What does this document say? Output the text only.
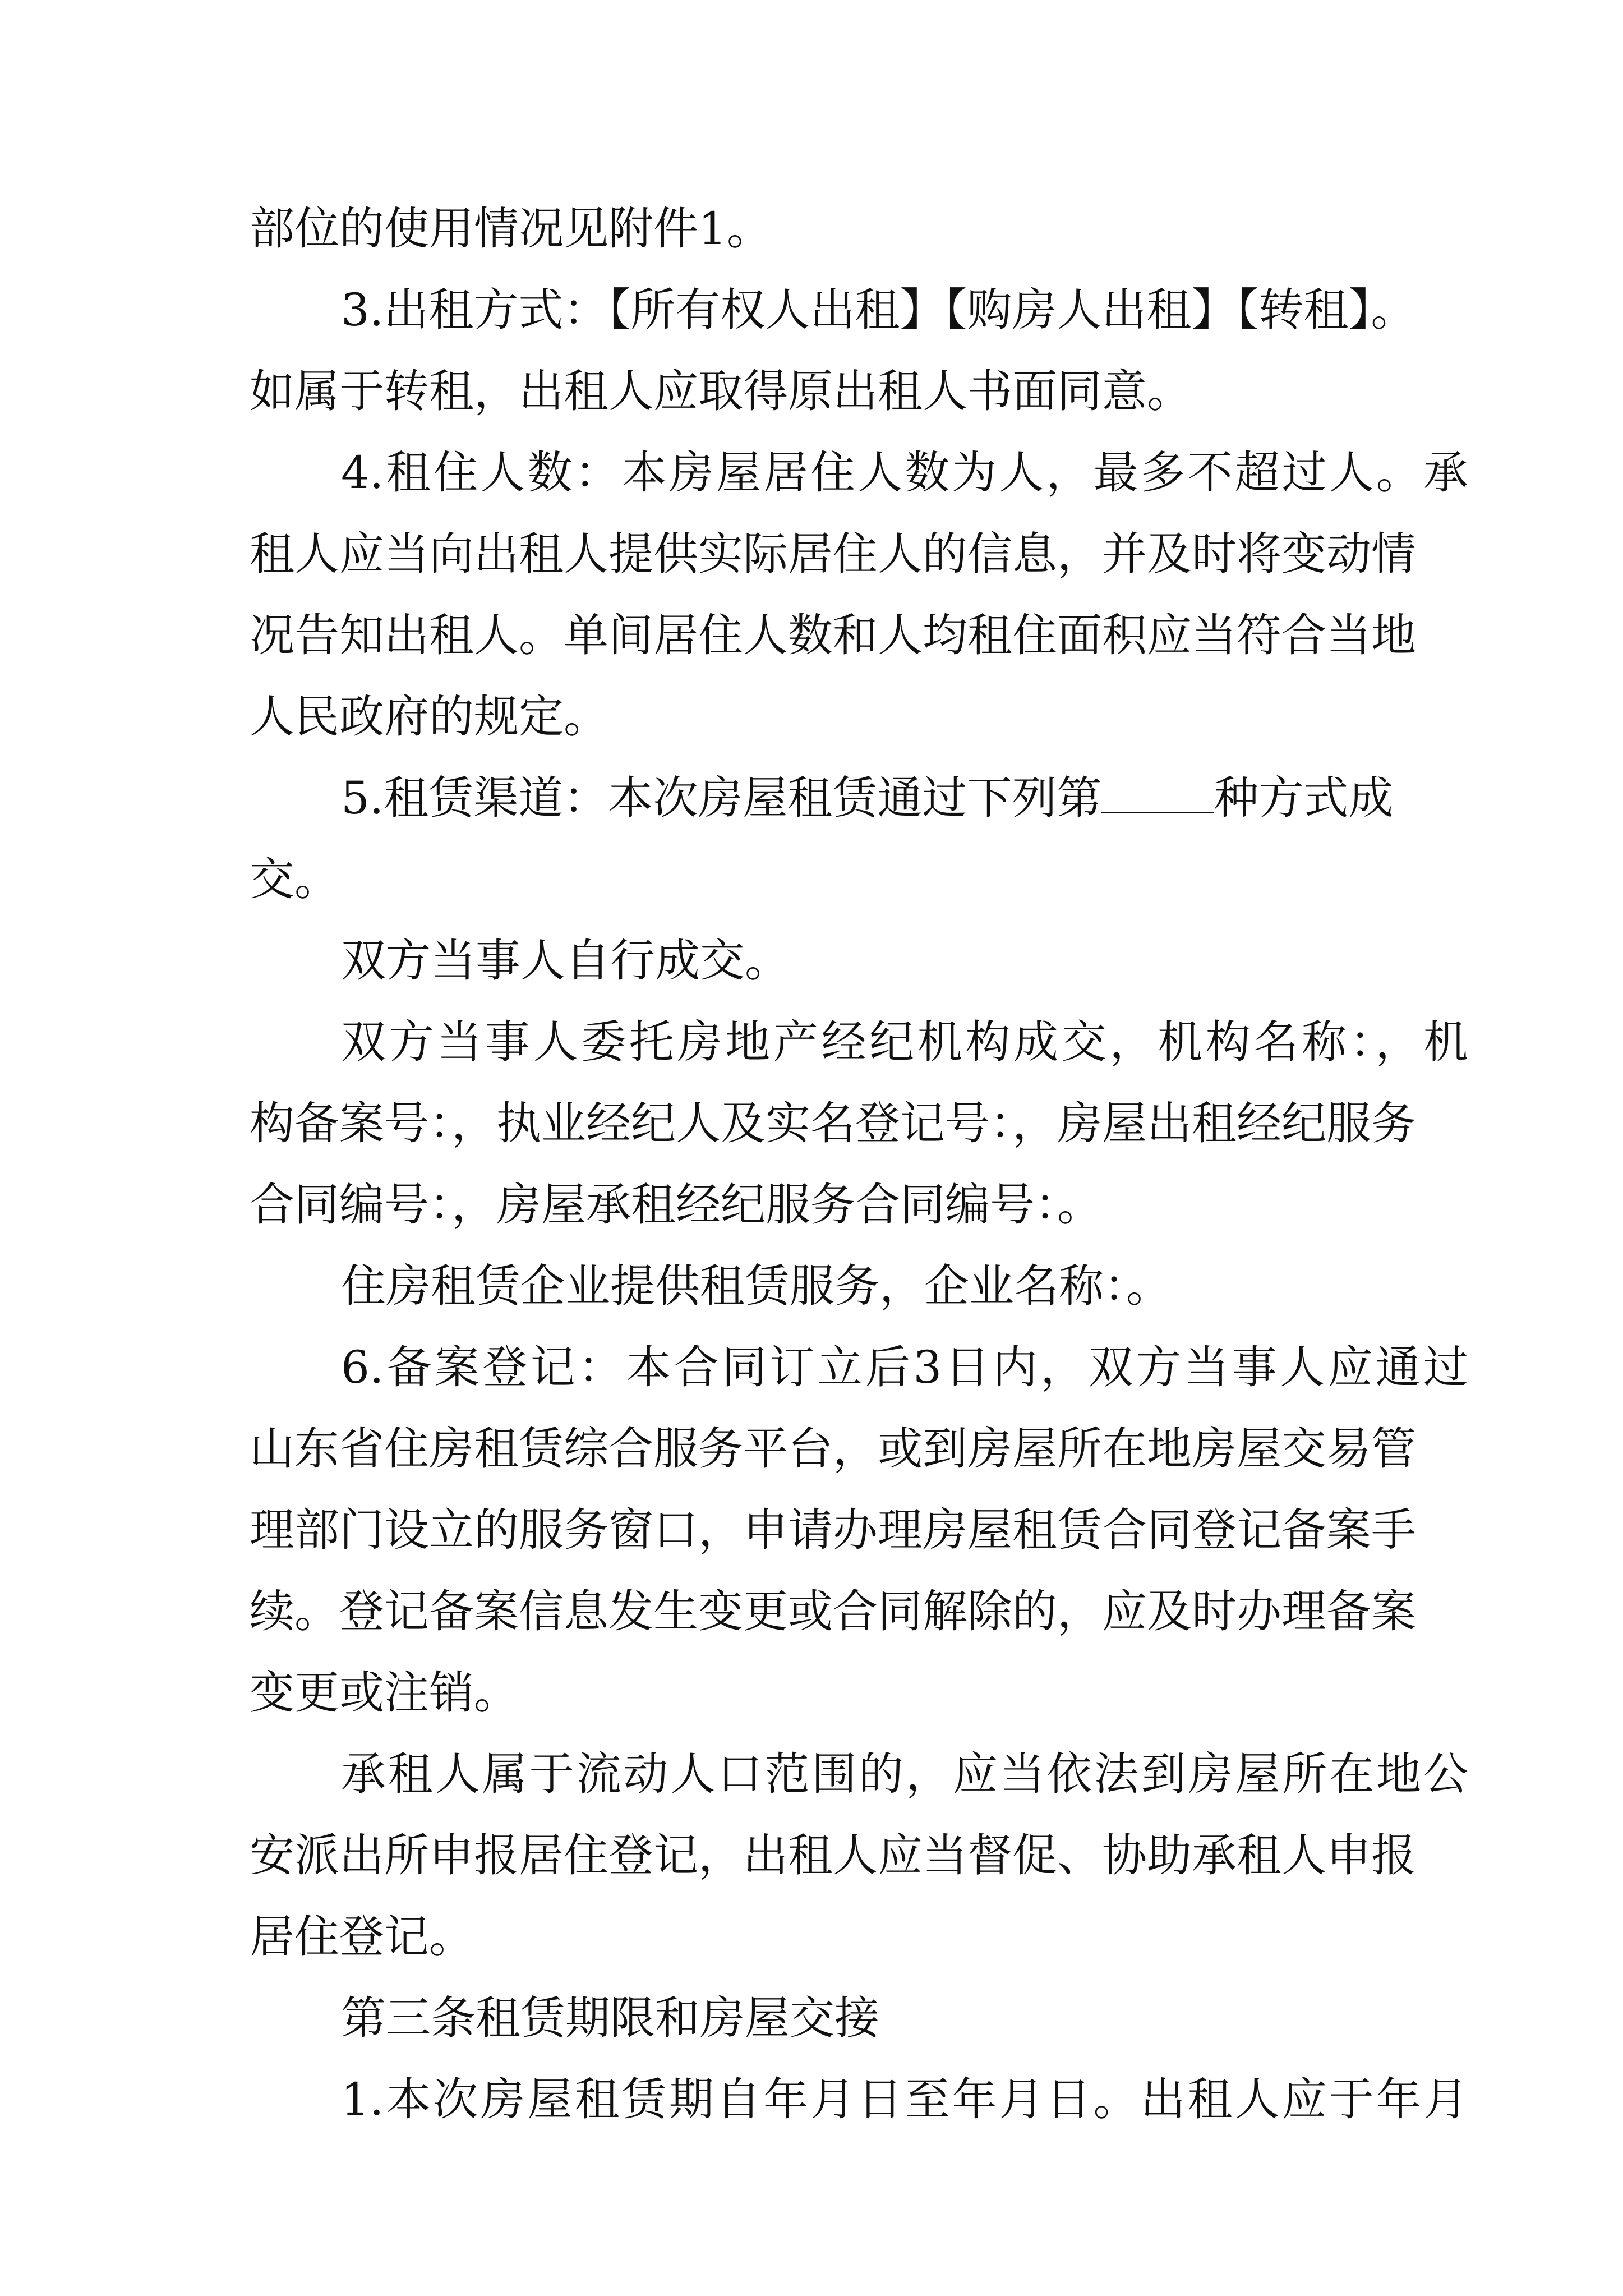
部位的使用情况见附件1。
3.出租方式：【所有权人出租】【购房人出租】【转租】。
如属于转租，出租人应取得原出租人书面同意。
4.租住人数：本房屋居住人数为人，最多不超过人。承
租人应当向出租人提供实际居住人的信息，并及时将变动情
况告知出租人。单间居住人数和人均租住面积应当符合当地
人民政府的规定。
5.租赁渠道：本次房屋租赁通过下列第	种方式成
交。
双方当事人自行成交。
双方当事人委托房地产经纪机构成交，机构名称：，机
构备案号：，执业经纪人及实名登记号：，房屋出租经纪服务
合同编号：，房屋承租经纪服务合同编号：。
住房租赁企业提供租赁服务，企业名称：。
6.备案登记：本合同订立后3日内，双方当事人应通过
山东省住房租赁综合服务平台，或到房屋所在地房屋交易管
理部门设立的服务窗口，申请办理房屋租赁合同登记备案手
续。登记备案信息发生变更或合同解除的，应及时办理备案
变更或注销。
承租人属于流动人口范围的，应当依法到房屋所在地公
安派出所申报居住登记，出租人应当督促、协助承租人申报
居住登记。
第三条租赁期限和房屋交接
1.本次房屋租赁期自年月日至年月日。出租人应于年月
